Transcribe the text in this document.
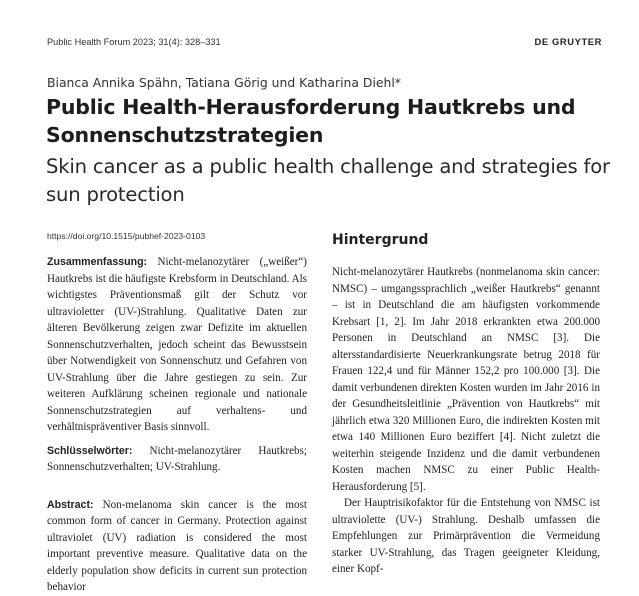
Public Health Forum 2023; 31(4): 328–331	DE GRUYTER
Bianca Annika Spähn, Tatiana Görig und Katharina Diehl*
Public Health-Herausforderung Hautkrebs und Sonnenschutzstrategien
Skin cancer as a public health challenge and strategies for sun protection
https://doi.org/10.1515/pubhef-2023-0103

Zusammenfassung: Nicht-melanozytärer („weißer“) Hautkrebs ist die häufigste Krebsform in Deutschland. Als wichtigstes Präventionsmaß gilt der Schutz vor ultravioletter (UV-)Strahlung. Qualitative Daten zur älteren Bevölkerung zeigen zwar Defizite im aktuellen Sonnenschutzverhalten, jedoch scheint das Bewusstsein über Notwendigkeit von Sonnenschutz und Gefahren von UV-Strahlung über die Jahre gestiegen zu sein. Zur weiteren Aufklärung scheinen regionale und nationale Sonnenschutzstrategien auf verhaltens- und verhältnispräventiver Basis sinnvoll.

Schlüsselwörter: Nicht-melanozytärer Hautkrebs; Sonnenschutzverhalten; UV-Strahlung.

Abstract: Non-melanoma skin cancer is the most common form of cancer in Germany. Protection against ultraviolet (UV) radiation is considered the most important preventive measure. Qualitative data on the elderly population show deficits in current sun protection behavior

Hintergrund

Nicht-melanozytärer Hautkrebs (nonmelanoma skin cancer: NMSC) – umgangssprachlich „weißer Hautkrebs“ genannt – ist in Deutschland die am häufigsten vorkommende Krebsart [1, 2]. Im Jahr 2018 erkrankten etwa 200.000 Personen in Deutschland an NMSC [3]. Die altersstandardisierte Neuerkrankungsrate betrug 2018 für Frauen 122,4 und für Männer 152,2 pro 100.000 [3]. Die damit verbundenen direkten Kosten wurden im Jahr 2016 in der Gesundheitsleitlinie „Prävention von Hautkrebs“ mit jährlich etwa 320 Millionen Euro, die indirekten Kosten mit etwa 140 Millionen Euro beziffert [4]. Nicht zuletzt die weiterhin steigende Inzidenz und die damit verbundenen Kosten machen NMSC zu einer Public Health-Herausforderung [5].

Der Hauptrisikofaktor für die Entstehung von NMSC ist ultraviolette (UV-) Strahlung. Deshalb umfassen die Empfehlungen zur Primärprävention die Vermeidung starker UV-Strahlung, das Tragen geeigneter Kleidung, einer Kopf-
